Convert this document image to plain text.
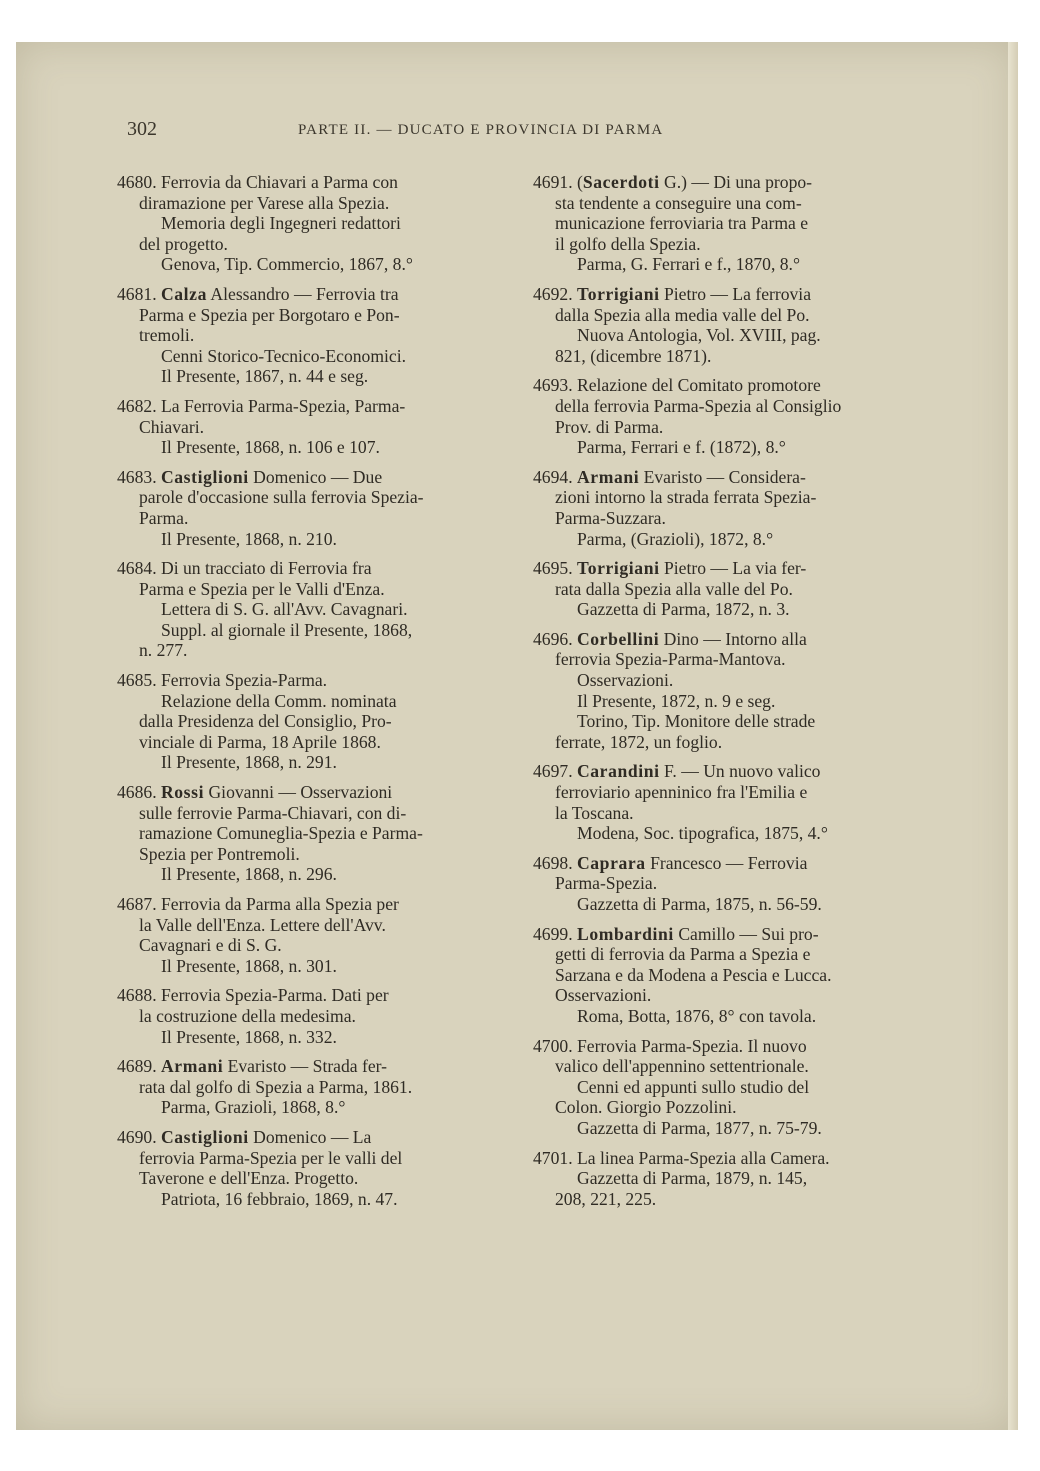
302	PARTE II. — DUCATO E PROVINCIA DI PARMA
4680. Ferrovia da Chiavari a Parma con
diramazione per Varese alla Spezia.
Memoria degli Ingegneri redattori
del progetto.
Genova, Tip. Commercio, 1867, 8.°
4681. Calza Alessandro — Ferrovia tra
Parma e Spezia per Borgotaro e Pon-
tremoli.
Cenni Storico-Tecnico-Economici.
Il Presente, 1867, n. 44 e seg.
4682. La Ferrovia Parma-Spezia, Parma-
Chiavari.
Il Presente, 1868, n. 106 e 107.
4683. Castiglioni Domenico — Due
parole d'occasione sulla ferrovia Spezia-
Parma.
Il Presente, 1868, n. 210.
4684. Di un tracciato di Ferrovia fra
Parma e Spezia per le Valli d'Enza.
Lettera di S. G. all'Avv. Cavagnari.
Suppl. al giornale il Presente, 1868,
n. 277.
4685. Ferrovia Spezia-Parma.
Relazione della Comm. nominata
dalla Presidenza del Consiglio, Pro-
vinciale di Parma, 18 Aprile 1868.
Il Presente, 1868, n. 291.
4686. Rossi Giovanni — Osservazioni
sulle ferrovie Parma-Chiavari, con di-
ramazione Comuneglia-Spezia e Parma-
Spezia per Pontremoli.
Il Presente, 1868, n. 296.
4687. Ferrovia da Parma alla Spezia per
la Valle dell'Enza. Lettere dell'Avv.
Cavagnari e di S. G.
Il Presente, 1868, n. 301.
4688. Ferrovia Spezia-Parma. Dati per
la costruzione della medesima.
Il Presente, 1868, n. 332.
4689. Armani Evaristo — Strada fer-
rata dal golfo di Spezia a Parma, 1861.
Parma, Grazioli, 1868, 8.°
4690. Castiglioni Domenico — La
ferrovia Parma-Spezia per le valli del
Taverone e dell'Enza. Progetto.
Patriota, 16 febbraio, 1869, n. 47.
4691. (Sacerdoti G.) — Di una propo-
sta tendente a conseguire una com-
municazione ferroviaria tra Parma e
il golfo della Spezia.
Parma, G. Ferrari e f., 1870, 8.°
4692. Torrigiani Pietro — La ferrovia
dalla Spezia alla media valle del Po.
Nuova Antologia, Vol. XVIII, pag.
821, (dicembre 1871).
4693. Relazione del Comitato promotore
della ferrovia Parma-Spezia al Consiglio
Prov. di Parma.
Parma, Ferrari e f. (1872), 8.°
4694. Armani Evaristo — Considera-
zioni intorno la strada ferrata Spezia-
Parma-Suzzara.
Parma, (Grazioli), 1872, 8.°
4695. Torrigiani Pietro — La via fer-
rata dalla Spezia alla valle del Po.
Gazzetta di Parma, 1872, n. 3.
4696. Corbellini Dino — Intorno alla
ferrovia Spezia-Parma-Mantova.
Osservazioni.
Il Presente, 1872, n. 9 e seg.
Torino, Tip. Monitore delle strade
ferrate, 1872, un foglio.
4697. Carandini F. — Un nuovo valico
ferroviario apenninico fra l'Emilia e
la Toscana.
Modena, Soc. tipografica, 1875, 4.°
4698. Caprara Francesco — Ferrovia
Parma-Spezia.
Gazzetta di Parma, 1875, n. 56-59.
4699. Lombardini Camillo — Sui pro-
getti di ferrovia da Parma a Spezia e
Sarzana e da Modena a Pescia e Lucca.
Osservazioni.
Roma, Botta, 1876, 8° con tavola.
4700. Ferrovia Parma-Spezia. Il nuovo
valico dell'appennino settentrionale.
Cenni ed appunti sullo studio del
Colon. Giorgio Pozzolini.
Gazzetta di Parma, 1877, n. 75-79.
4701. La linea Parma-Spezia alla Camera.
Gazzetta di Parma, 1879, n. 145,
208, 221, 225.
